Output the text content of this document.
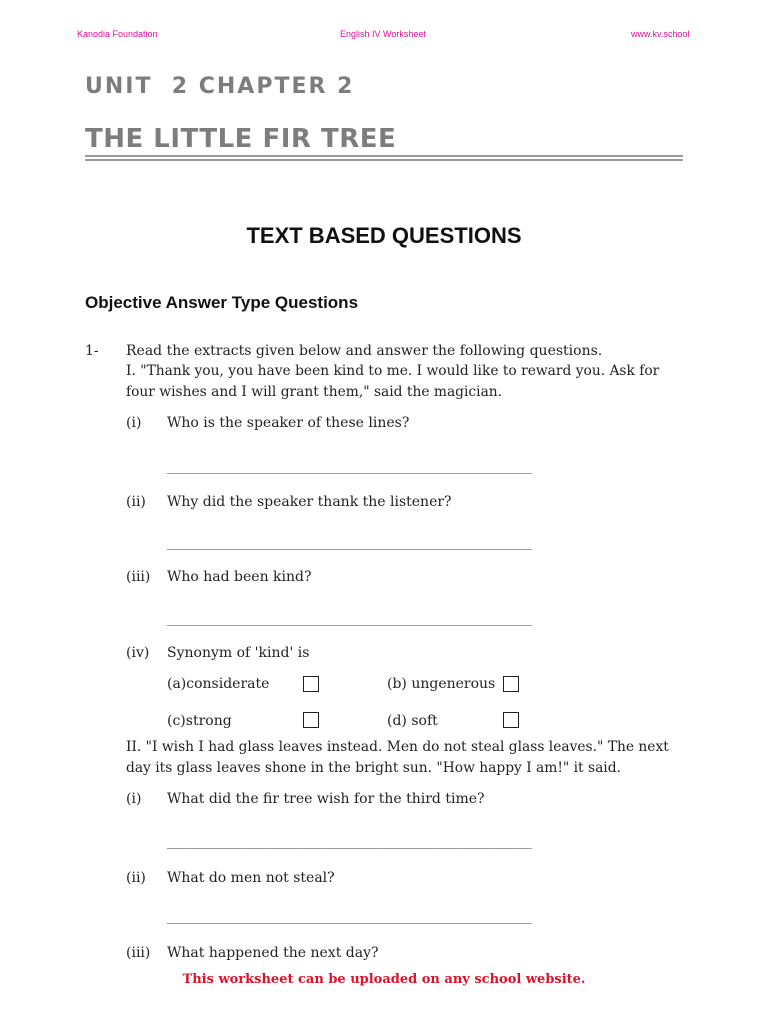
Kanodia Foundation	English IV Worksheet	www.kv.school
UNIT  2 CHAPTER 2
THE LITTLE FIR TREE
TEXT BASED QUESTIONS
Objective Answer Type Questions
1- Read the extracts given below and answer the following questions.
I. "Thank you, you have been kind to me. I would like to reward you. Ask for four wishes and I will grant them," said the magician.
(i) Who is the speaker of these lines?
_____________________________________________________
(ii) Why did the speaker thank the listener?
_____________________________________________________
(iii) Who had been kind?
_____________________________________________________
(iv) Synonym of 'kind' is
(a)considerate	(b) ungenerous
(c)strong	(d) soft
II. "I wish I had glass leaves instead. Men do not steal glass leaves." The next day its glass leaves shone in the bright sun. "How happy I am!" it said.
(i) What did the fir tree wish for the third time?
_____________________________________________________
(ii) What do men not steal?
_____________________________________________________
(iii) What happened the next day?
This worksheet can be uploaded on any school website.
